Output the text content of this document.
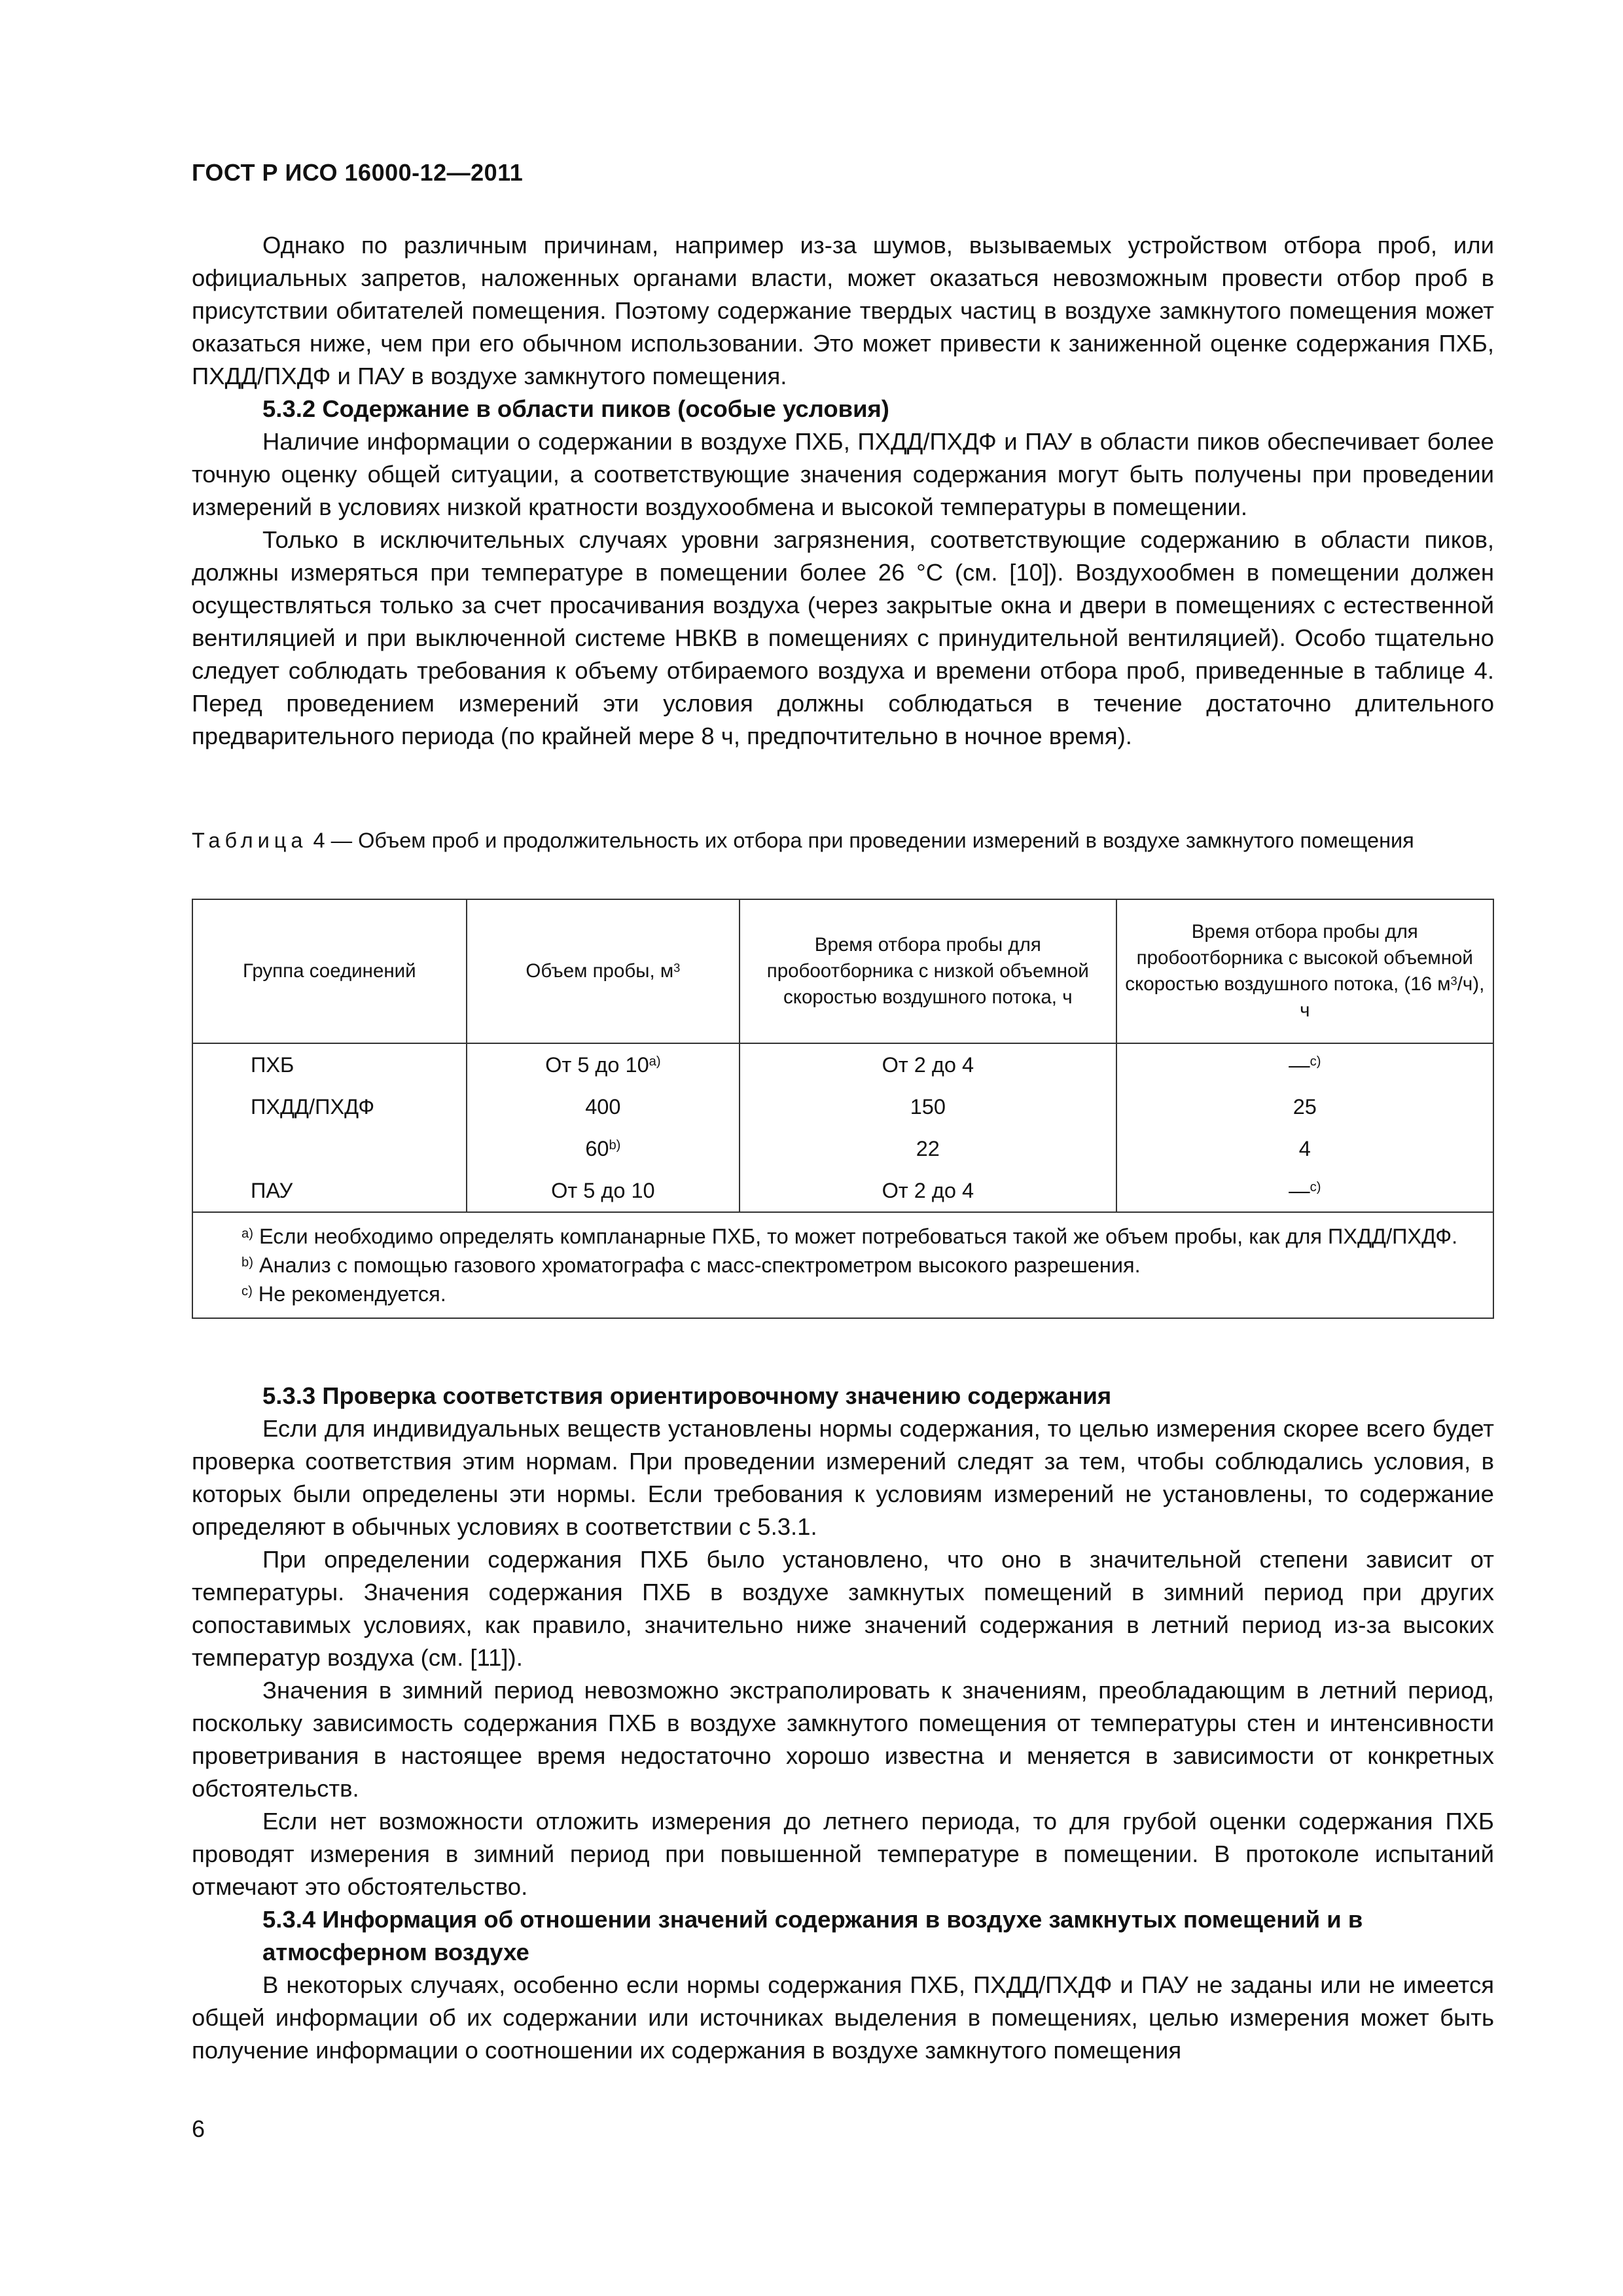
ГОСТ Р ИСО 16000-12—2011

Однако по различным причинам, например из-за шумов, вызываемых устройством отбора проб, или официальных запретов, наложенных органами власти, может оказаться невозможным провести отбор проб в присутствии обитателей помещения. Поэтому содержание твердых частиц в воздухе замкнутого помещения может оказаться ниже, чем при его обычном использовании. Это может привести к заниженной оценке содержания ПХБ, ПХДД/ПХДФ и ПАУ в воздухе замкнутого помещения.

5.3.2 Содержание в области пиков (особые условия)

Наличие информации о содержании в воздухе ПХБ, ПХДД/ПХДФ и ПАУ в области пиков обеспечивает более точную оценку общей ситуации, а соответствующие значения содержания могут быть получены при проведении измерений в условиях низкой кратности воздухообмена и высокой температуры в помещении.

Только в исключительных случаях уровни загрязнения, соответствующие содержанию в области пиков, должны измеряться при температуре в помещении более 26 °С (см. [10]). Воздухообмен в помещении должен осуществляться только за счет просачивания воздуха (через закрытые окна и двери в помещениях с естественной вентиляцией и при выключенной системе НВКВ в помещениях с принудительной вентиляцией). Особо тщательно следует соблюдать требования к объему отбираемого воздуха и времени отбора проб, приведенные в таблице 4. Перед проведением измерений эти условия должны соблюдаться в течение достаточно длительного предварительного периода (по крайней мере 8 ч, предпочтительно в ночное время).

Таблица 4 — Объем проб и продолжительность их отбора при проведении измерений в воздухе замкнутого помещения

Группа соединений	Объем пробы, $м^3$	Время отбора пробы для пробоотборника с низкой объемной скоростью воздушного потока, ч	Время отбора пробы для пробоотборника с высокой объемной скоростью воздушного потока, (16 $м^3/ч$), ч
ПХБ	От 5 до 10$^{a)}$	От 2 до 4	—$^{c)}$
ПХДД/ПХДФ	400	150	25
	60$^{b)}$	22	4
ПАУ	От 5 до 10	От 2 до 4	—$^{c)}$

$^{a)}$ Если необходимо определять компланарные ПХБ, то может потребоваться такой же объем пробы, как для ПХДД/ПХДФ.

$^{b)}$ Анализ с помощью газового хроматографа с масс-спектрометром высокого разрешения.

$^{c)}$ Не рекомендуется.			

5.3.3 Проверка соответствия ориентировочному значению содержания

Если для индивидуальных веществ установлены нормы содержания, то целью измерения скорее всего будет проверка соответствия этим нормам. При проведении измерений следят за тем, чтобы соблюдались условия, в которых были определены эти нормы. Если требования к условиям измерений не установлены, то содержание определяют в обычных условиях в соответствии с 5.3.1.

При определении содержания ПХБ было установлено, что оно в значительной степени зависит от температуры. Значения содержания ПХБ в воздухе замкнутых помещений в зимний период при других сопоставимых условиях, как правило, значительно ниже значений содержания в летний период из-за высоких температур воздуха (см. [11]).

Значения в зимний период невозможно экстраполировать к значениям, преобладающим в летний период, поскольку зависимость содержания ПХБ в воздухе замкнутого помещения от температуры стен и интенсивности проветривания в настоящее время недостаточно хорошо известна и меняется в зависимости от конкретных обстоятельств.

Если нет возможности отложить измерения до летнего периода, то для грубой оценки содержания ПХБ проводят измерения в зимний период при повышенной температуре в помещении. В протоколе испытаний отмечают это обстоятельство.

5.3.4 Информация об отношении значений содержания в воздухе замкнутых помещений и в атмосферном воздухе

В некоторых случаях, особенно если нормы содержания ПХБ, ПХДД/ПХДФ и ПАУ не заданы или не имеется общей информации об их содержании или источниках выделения в помещениях, целью измерения может быть получение информации о соотношении их содержания в воздухе замкнутого помещения

6
